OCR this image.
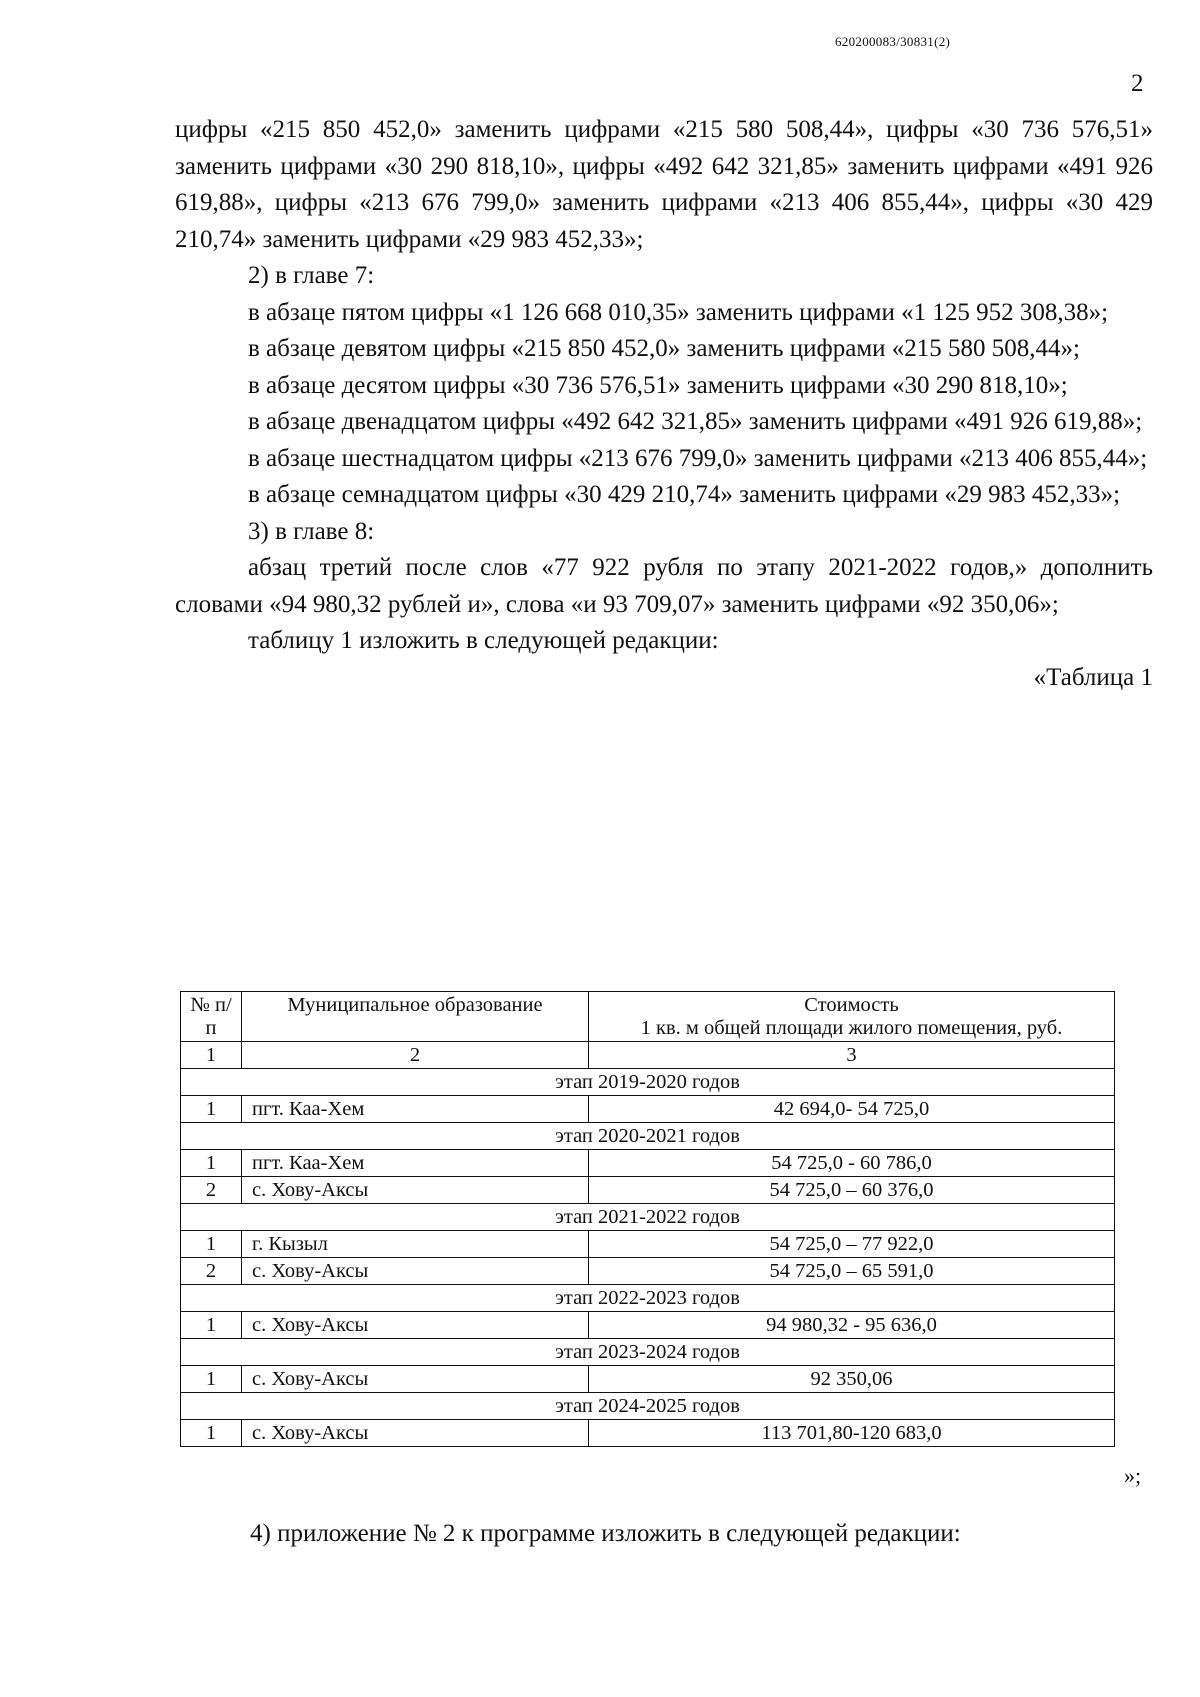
620200083/30831(2)
2

цифры «215 850 452,0» заменить цифрами «215 580 508,44», цифры «30 736 576,51» заменить цифрами «30 290 818,10», цифры «492 642 321,85» заменить цифрами «491 926 619,88», цифры «213 676 799,0» заменить цифрами «213 406 855,44», цифры «30 429 210,74» заменить цифрами «29 983 452,33»;

2) в главе 7:

в абзаце пятом цифры «1 126 668 010,35» заменить цифрами «1 125 952 308,38»;

в абзаце девятом цифры «215 850 452,0» заменить цифрами «215 580 508,44»;

в абзаце десятом цифры «30 736 576,51» заменить цифрами «30 290 818,10»;

в абзаце двенадцатом цифры «492 642 321,85» заменить цифрами «491 926 619,88»;

в абзаце шестнадцатом цифры «213 676 799,0» заменить цифрами «213 406 855,44»;

в абзаце семнадцатом цифры «30 429 210,74» заменить цифрами «29 983 452,33»;

3) в главе 8:

абзац третий после слов «77 922 рубля по этапу 2021-2022 годов,» дополнить словами «94 980,32 рублей и», слова «и 93 709,07» заменить цифрами «92 350,06»;

таблицу 1 изложить в следующей редакции:

«Таблица 1

№ п/п	Муниципальное образование	Стоимость
1 кв. м общей площади жилого помещения, руб.
1	2	3
этап 2019-2020 годов		
1	пгт. Каа-Хем	42 694,0- 54 725,0
этап 2020-2021 годов		
1	пгт. Каа-Хем	54 725,0 - 60 786,0
2	с. Хову-Аксы	54 725,0 – 60 376,0
этап 2021-2022 годов		
1	г. Кызыл	54 725,0 – 77 922,0
2	с. Хову-Аксы	54 725,0 – 65 591,0
этап 2022-2023 годов		
1	с. Хову-Аксы	94 980,32 - 95 636,0
этап 2023-2024 годов		
1	с. Хову-Аксы	92 350,06
этап 2024-2025 годов		
1	с. Хову-Аксы	113 701,80-120 683,0
»;
4) приложение № 2 к программе изложить в следующей редакции:
